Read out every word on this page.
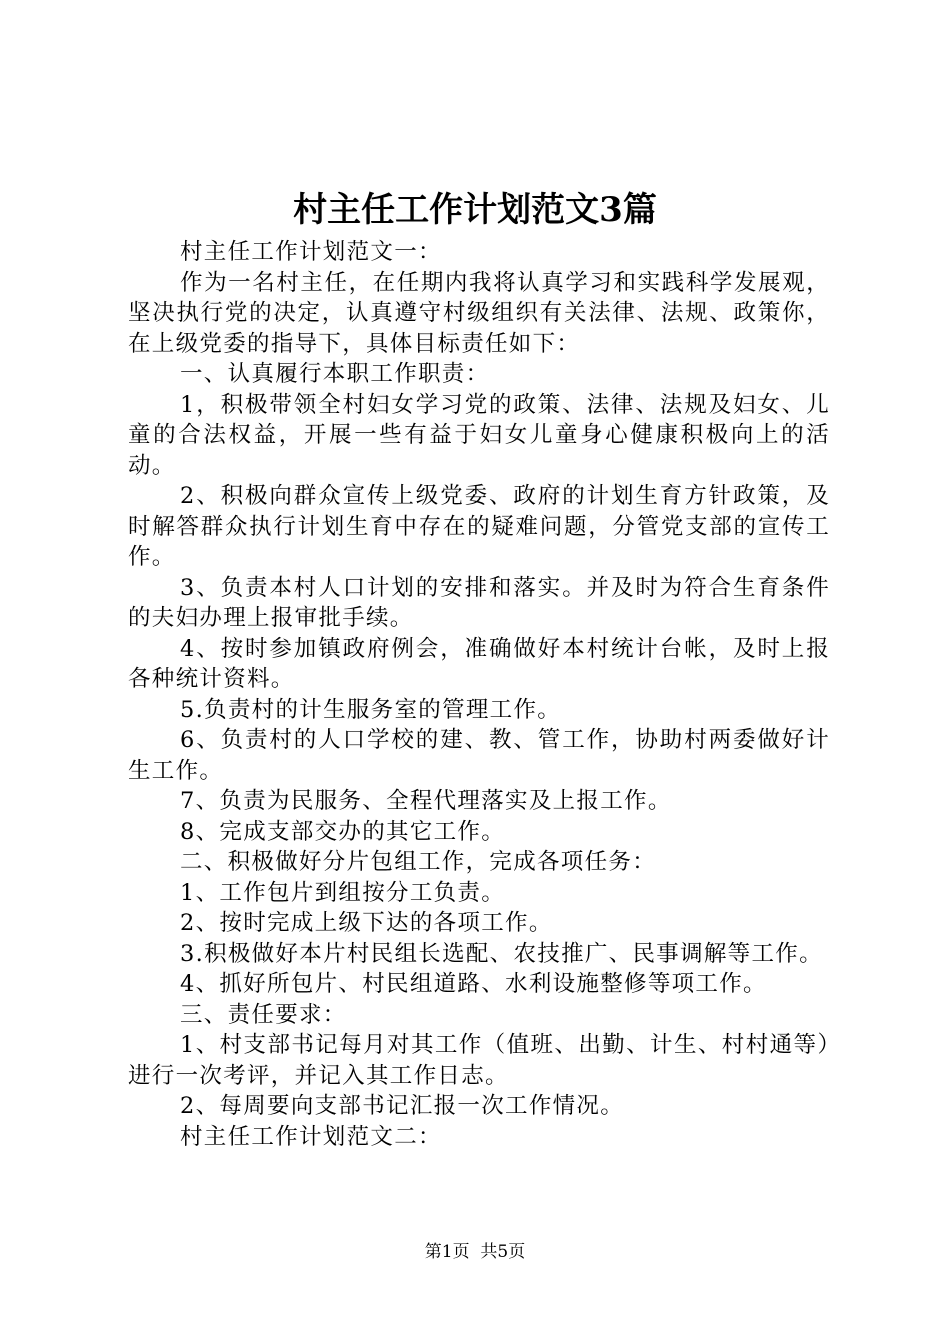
村主任工作计划范文3篇

村主任工作计划范文一：

作为一名村主任，在任期内我将认真学习和实践科学发展观，坚决执行党的决定，认真遵守村级组织有关法律、法规、政策你，在上级党委的指导下，具体目标责任如下：

一、认真履行本职工作职责：

1，积极带领全村妇女学习党的政策、法律、法规及妇女、儿童的合法权益，开展一些有益于妇女儿童身心健康积极向上的活动。

2、积极向群众宣传上级党委、政府的计划生育方针政策，及时解答群众执行计划生育中存在的疑难问题，分管党支部的宣传工作。

3、负责本村人口计划的安排和落实。并及时为符合生育条件的夫妇办理上报审批手续。

4、按时参加镇政府例会，准确做好本村统计台帐，及时上报各种统计资料。

5.负责村的计生服务室的管理工作。

6、负责村的人口学校的建、教、管工作，协助村两委做好计生工作。

7、负责为民服务、全程代理落实及上报工作。

8、完成支部交办的其它工作。

二、积极做好分片包组工作，完成各项任务：

1、工作包片到组按分工负责。

2、按时完成上级下达的各项工作。

3.积极做好本片村民组长选配、农技推广、民事调解等工作。

4、抓好所包片、村民组道路、水利设施整修等项工作。

三、责任要求：

1、村支部书记每月对其工作（值班、出勤、计生、村村通等）进行一次考评，并记入其工作日志。

2、每周要向支部书记汇报一次工作情况。

村主任工作计划范文二：

第1页 共5页
